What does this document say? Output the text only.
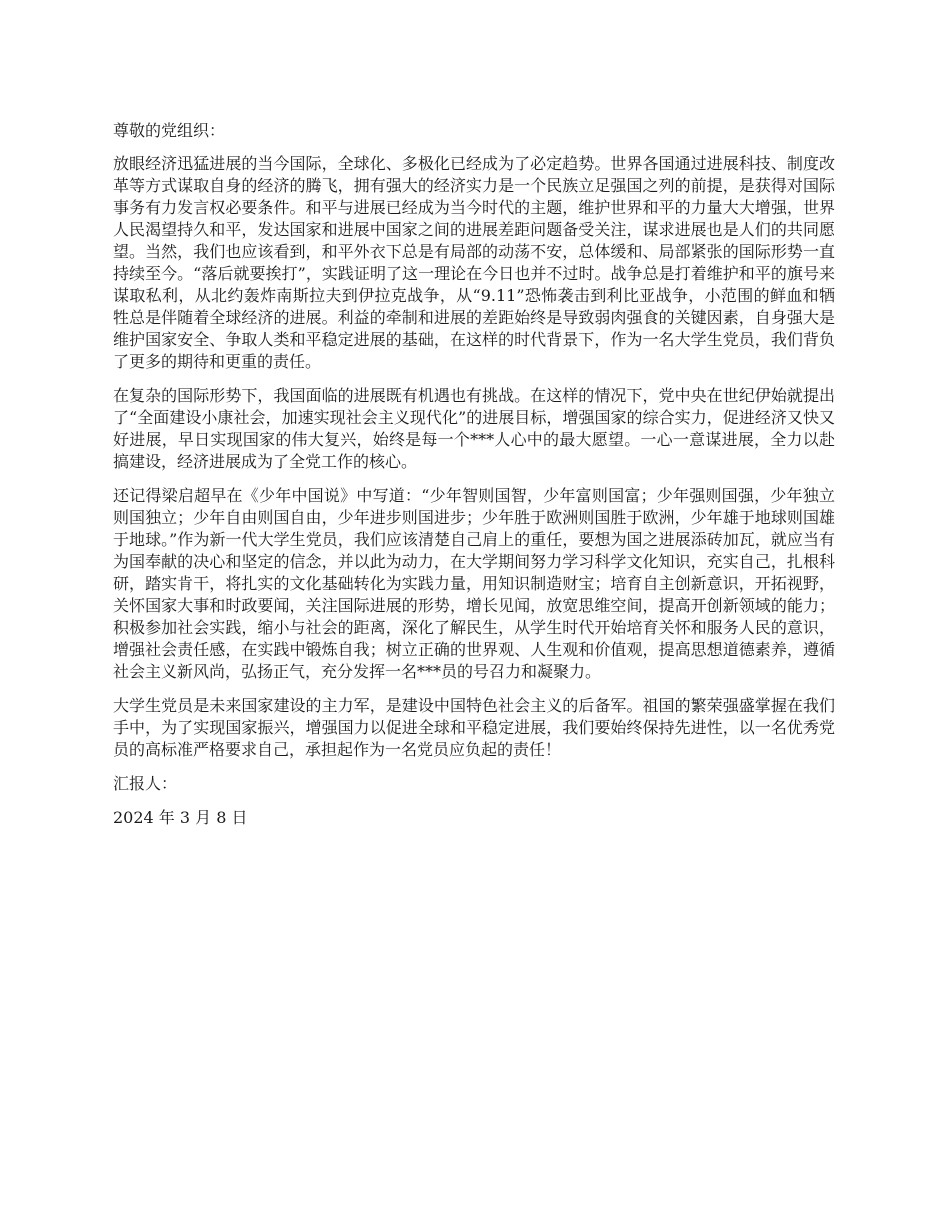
尊敬的党组织：

放眼经济迅猛进展的当今国际，全球化、多极化已经成为了必定趋势。世界各国通过进展科技、制度改革等方式谋取自身的经济的腾飞，拥有强大的经济实力是一个民族立足强国之列的前提，是获得对国际事务有力发言权必要条件。和平与进展已经成为当今时代的主题，维护世界和平的力量大大增强，世界人民渴望持久和平，发达国家和进展中国家之间的进展差距问题备受关注，谋求进展也是人们的共同愿望。当然，我们也应该看到，和平外衣下总是有局部的动荡不安，总体缓和、局部紧张的国际形势一直持续至今。“落后就要挨打”，实践证明了这一理论在今日也并不过时。战争总是打着维护和平的旗号来谋取私利，从北约轰炸南斯拉夫到伊拉克战争，从“9.11”恐怖袭击到利比亚战争，小范围的鲜血和牺牲总是伴随着全球经济的进展。利益的牵制和进展的差距始终是导致弱肉强食的关键因素，自身强大是维护国家安全、争取人类和平稳定进展的基础，在这样的时代背景下，作为一名大学生党员，我们背负了更多的期待和更重的责任。

在复杂的国际形势下，我国面临的进展既有机遇也有挑战。在这样的情况下，党中央在世纪伊始就提出了“全面建设小康社会，加速实现社会主义现代化”的进展目标，增强国家的综合实力，促进经济又快又好进展，早日实现国家的伟大复兴，始终是每一个***人心中的最大愿望。一心一意谋进展，全力以赴搞建设，经济进展成为了全党工作的核心。

还记得梁启超早在《少年中国说》中写道：“少年智则国智，少年富则国富；少年强则国强，少年独立则国独立；少年自由则国自由，少年进步则国进步；少年胜于欧洲则国胜于欧洲，少年雄于地球则国雄于地球。”作为新一代大学生党员，我们应该清楚自己肩上的重任，要想为国之进展添砖加瓦，就应当有为国奉献的决心和坚定的信念，并以此为动力，在大学期间努力学习科学文化知识，充实自己，扎根科研，踏实肯干，将扎实的文化基础转化为实践力量，用知识制造财宝；培育自主创新意识，开拓视野，关怀国家大事和时政要闻，关注国际进展的形势，增长见闻，放宽思维空间，提高开创新领域的能力；积极参加社会实践，缩小与社会的距离，深化了解民生，从学生时代开始培育关怀和服务人民的意识，增强社会责任感，在实践中锻炼自我；树立正确的世界观、人生观和价值观，提高思想道德素养，遵循社会主义新风尚，弘扬正气，充分发挥一名***员的号召力和凝聚力。

大学生党员是未来国家建设的主力军，是建设中国特色社会主义的后备军。祖国的繁荣强盛掌握在我们手中，为了实现国家振兴，增强国力以促进全球和平稳定进展，我们要始终保持先进性，以一名优秀党员的高标准严格要求自己，承担起作为一名党员应负起的责任！

汇报人：

2024 年 3 月 8 日
